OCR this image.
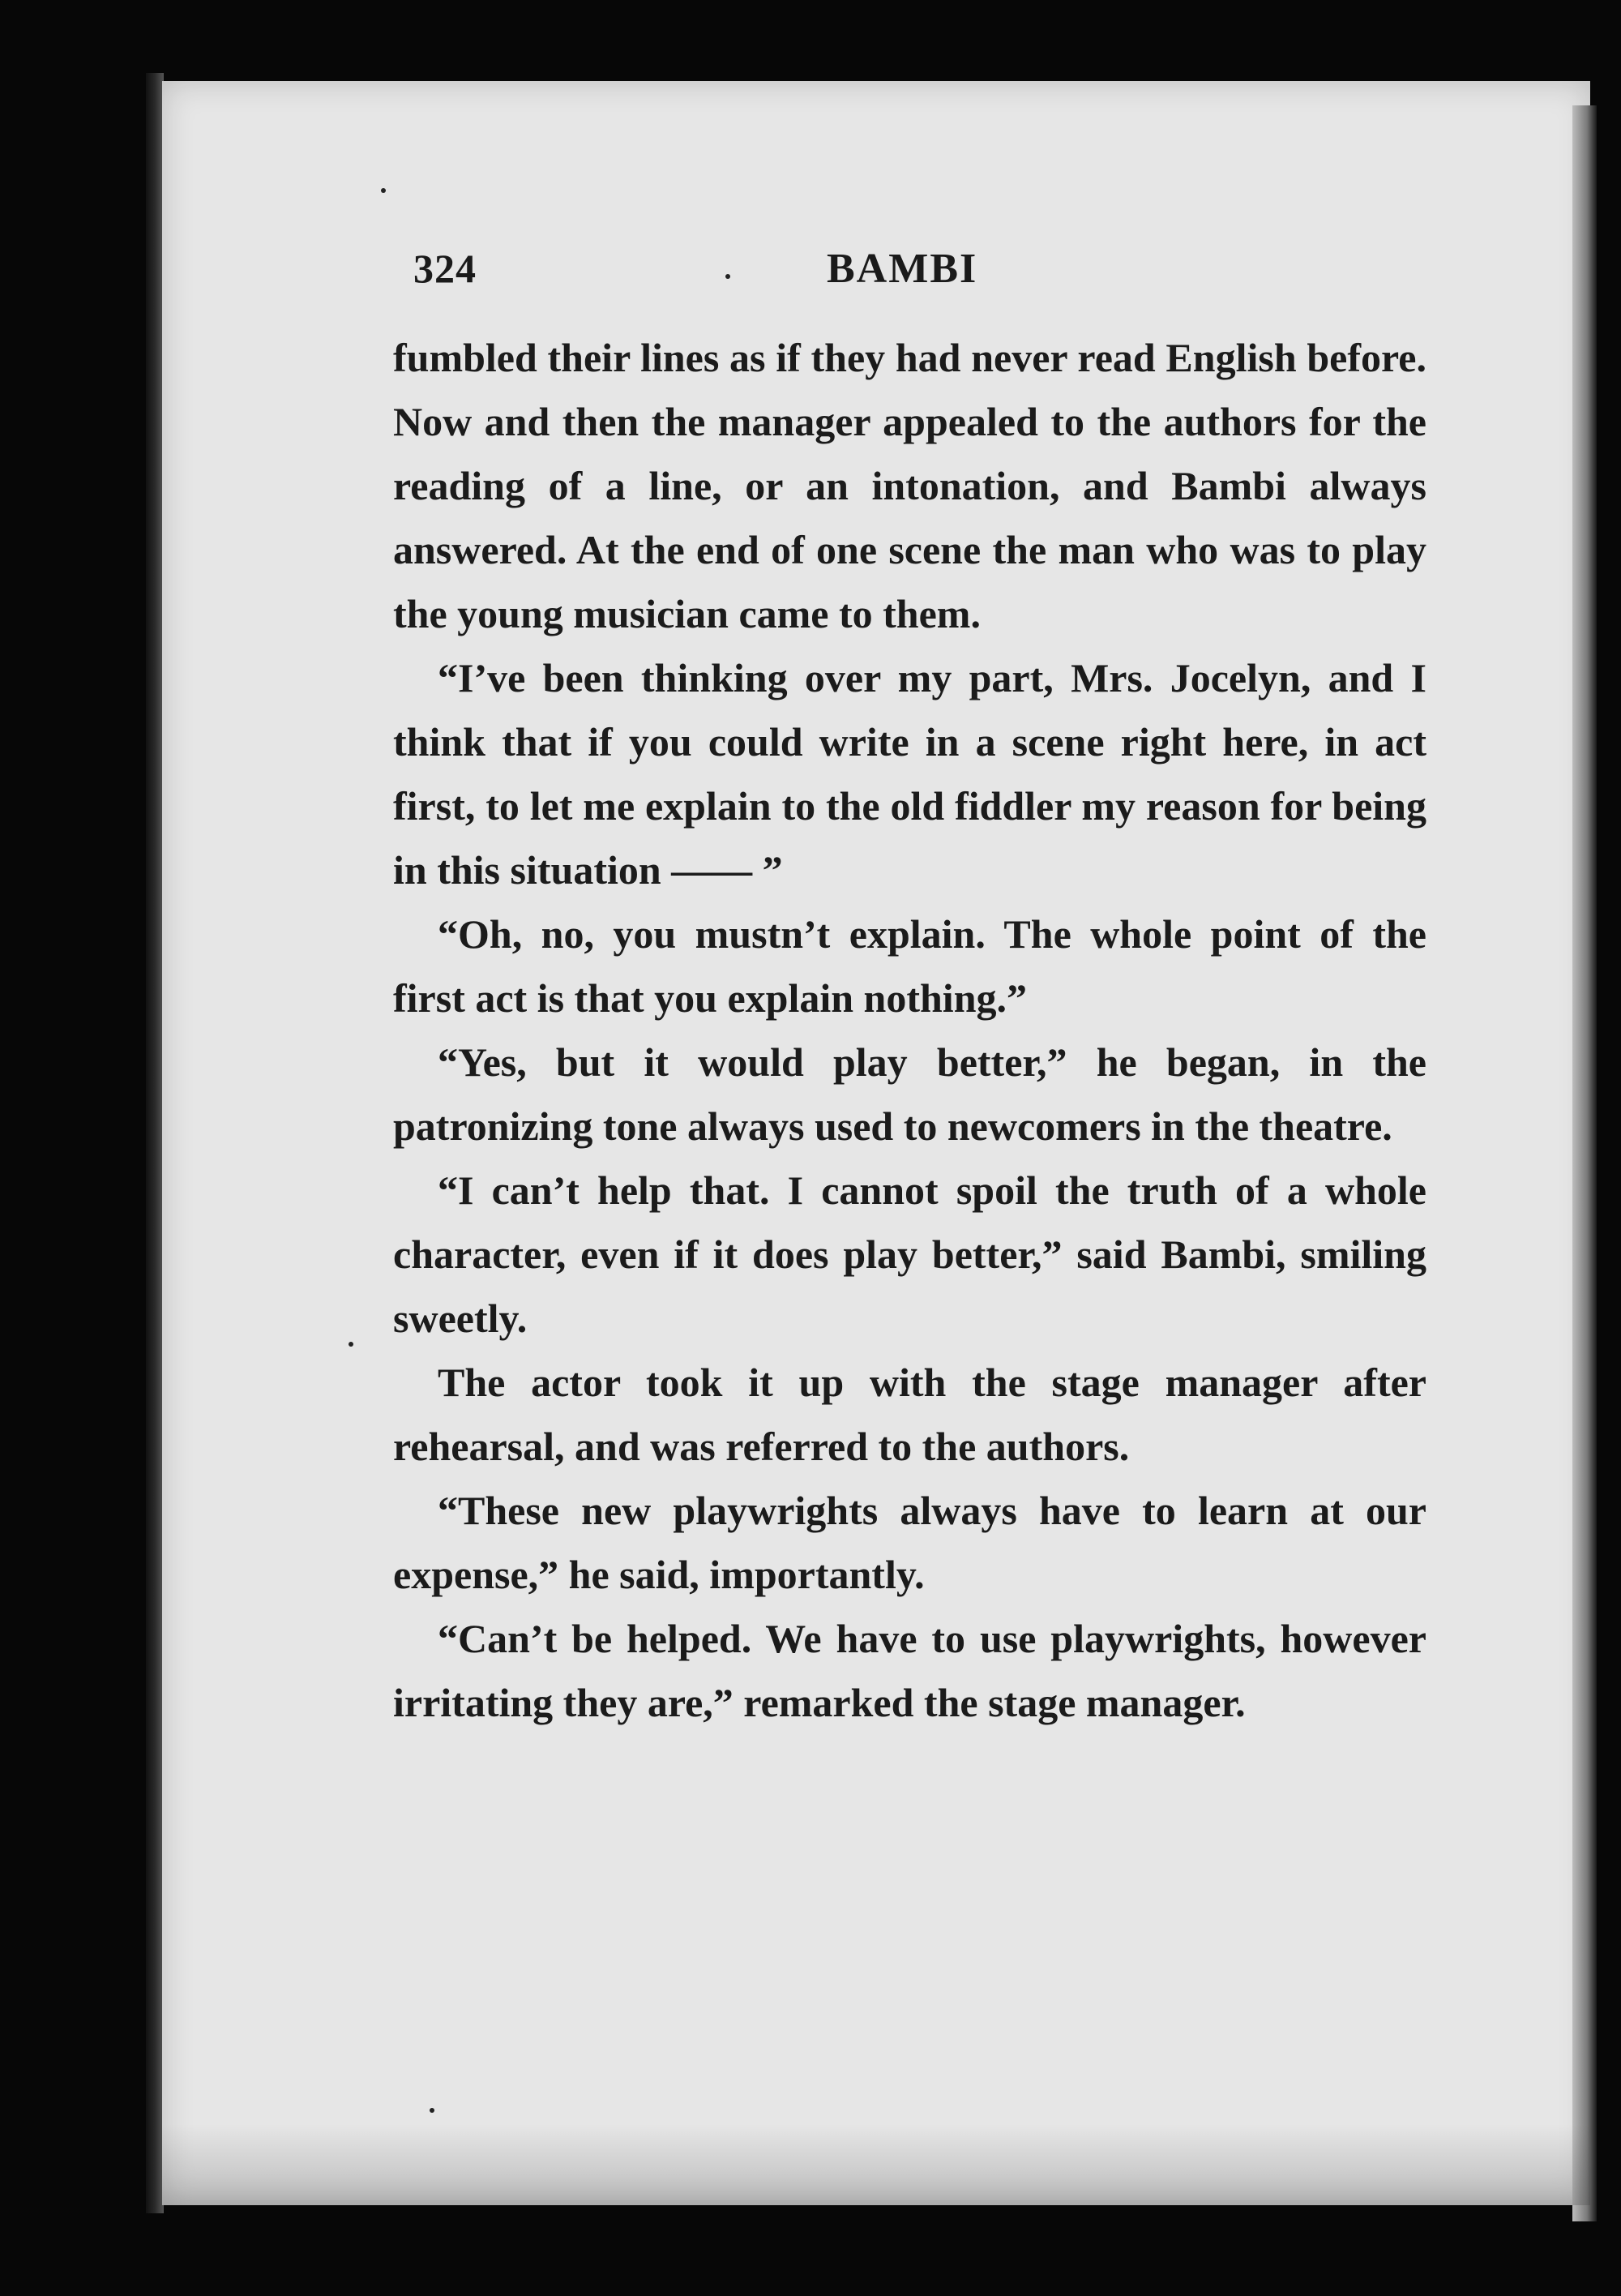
324	BAMBI

fumbled their lines as if they had never read English before. Now and then the manager appealed to the authors for the reading of a line, or an intonation, and Bambi always answered. At the end of one scene the man who was to play the young musician came to them.

“I’ve been thinking over my part, Mrs. Jocelyn, and I think that if you could write in a scene right here, in act first, to let me explain to the old fiddler my reason for being in this situation —— ”

“Oh, no, you mustn’t explain. The whole point of the first act is that you explain nothing.”

“Yes, but it would play better,” he began, in the patronizing tone always used to newcomers in the theatre.

“I can’t help that. I cannot spoil the truth of a whole character, even if it does play better,” said Bambi, smiling sweetly.

The actor took it up with the stage manager after rehearsal, and was referred to the authors.

“These new playwrights always have to learn at our expense,” he said, importantly.

“Can’t be helped. We have to use playwrights, however irritating they are,” remarked the stage manager.
